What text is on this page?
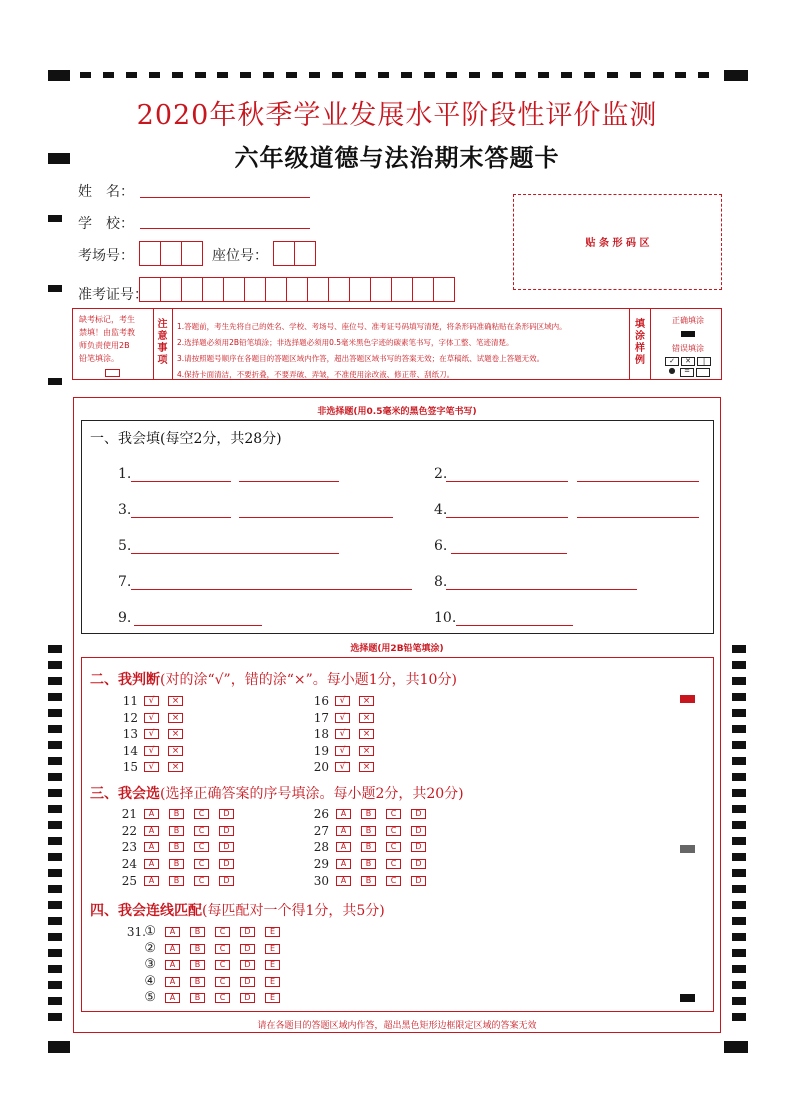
2020年秋季学业发展水平阶段性评价监测
六年级道德与法治期末答题卡
姓　名：
学　校：
考场号：	座位号：
准考证号：
贴 条 形 码 区
缺考标记，考生
禁填！由监考教
师负责使用2B
铅笔填涂。
注
意
事
项
1.答题前，考生先将自己的姓名、学校、考场号、座位号、准考证号码填写清楚，将条形码准确粘贴在条形码区域内。
2.选择题必须用2B铅笔填涂；非选择题必须用0.5毫米黑色字迹的碳素笔书写，字体工整、笔迹清楚。
3.请按照题号顺序在各题目的答题区域内作答，超出答题区域书写的答案无效；在草稿纸、试题卷上答题无效。
4.保持卡面清洁，不要折叠，不要弄破、弄皱，不准使用涂改液、修正带、刮纸刀。
填
涂
样
例
正确填涂
错误填涂
✓	✕	|
●	=
非选择题(用0.5毫米的黑色签字笔书写)
一、我会填(每空2分，共28分)
1.	2.
3.	4.
5.	6.
7.	8.
9.	10.
选择题(用2B铅笔填涂)
二、我判断(对的涂“√”，错的涂“×”。每小题1分，共10分)
11	√	×
12	√	×
13	√	×
14	√	×
15	√	×
16	√	×
17	√	×
18	√	×
19	√	×
20	√	×
三、我会选(选择正确答案的序号填涂。每小题2分，共20分)
21	A	B	C	D
22	A	B	C	D
23	A	B	C	D
24	A	B	C	D
25	A	B	C	D
26	A	B	C	D
27	A	B	C	D
28	A	B	C	D
29	A	B	C	D
30	A	B	C	D
四、我会连线匹配(每匹配对一个得1分，共5分)
31.
①	A	B	C	D	E
②	A	B	C	D	E
③	A	B	C	D	E
④	A	B	C	D	E
⑤	A	B	C	D	E
请在各题目的答题区域内作答，超出黑色矩形边框限定区域的答案无效
